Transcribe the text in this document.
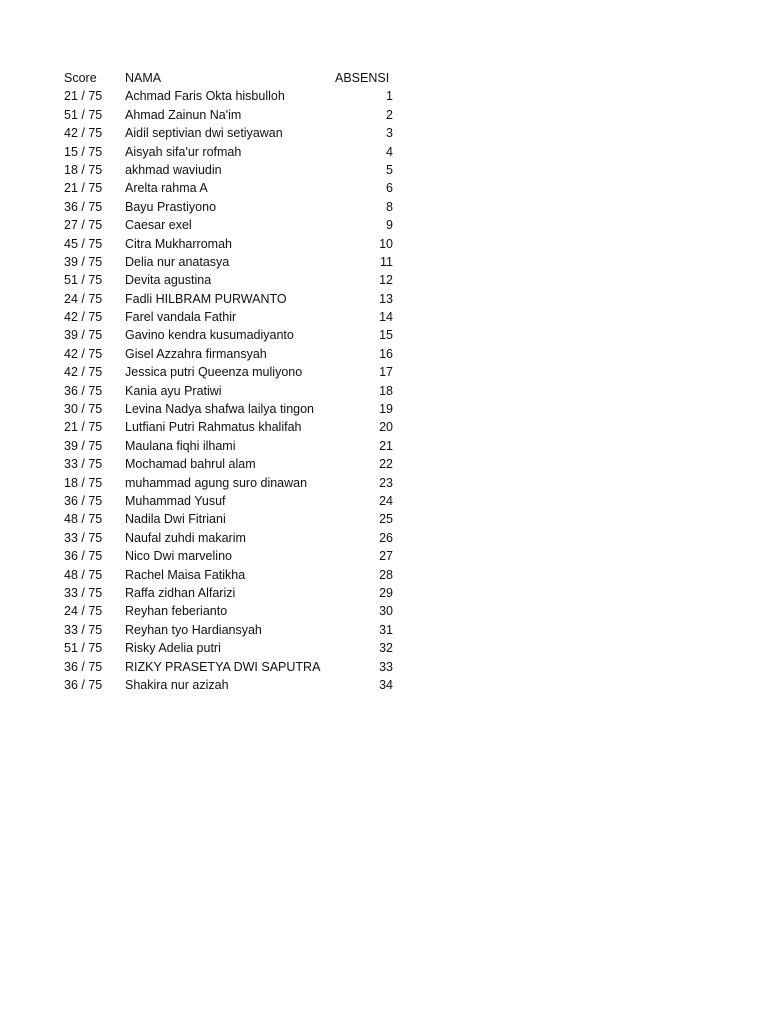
Score	NAMA	ABSENSI
21 / 75	Achmad Faris Okta hisbulloh	1
51 / 75	Ahmad Zainun Na'im	2
42 / 75	Aidil septivian dwi setiyawan	3
15 / 75	Aisyah sifa'ur rofmah	4
18 / 75	akhmad waviudin	5
21 / 75	Arelta rahma A	6
36 / 75	Bayu Prastiyono	8
27 / 75	Caesar exel	9
45 / 75	Citra Mukharromah	10
39 / 75	Delia nur anatasya	11
51 / 75	Devita agustina	12
24 / 75	Fadli HILBRAM PURWANTO	13
42 / 75	Farel vandala Fathir	14
39 / 75	Gavino kendra kusumadiyanto	15
42 / 75	Gisel Azzahra firmansyah	16
42 / 75	Jessica putri Queenza muliyono	17
36 / 75	Kania ayu Pratiwi	18
30 / 75	Levina Nadya shafwa lailya tingon	19
21 / 75	Lutfiani Putri Rahmatus khalifah	20
39 / 75	Maulana fiqhi ilhami	21
33 / 75	Mochamad bahrul alam	22
18 / 75	muhammad agung suro dinawan	23
36 / 75	Muhammad Yusuf	24
48 / 75	Nadila Dwi Fitriani	25
33 / 75	Naufal zuhdi makarim	26
36 / 75	Nico Dwi marvelino	27
48 / 75	Rachel Maisa Fatikha	28
33 / 75	Raffa zidhan Alfarizi	29
24 / 75	Reyhan feberianto	30
33 / 75	Reyhan tyo Hardiansyah	31
51 / 75	Risky Adelia putri	32
36 / 75	RIZKY PRASETYA DWI SAPUTRA	33
36 / 75	Shakira nur azizah	34
